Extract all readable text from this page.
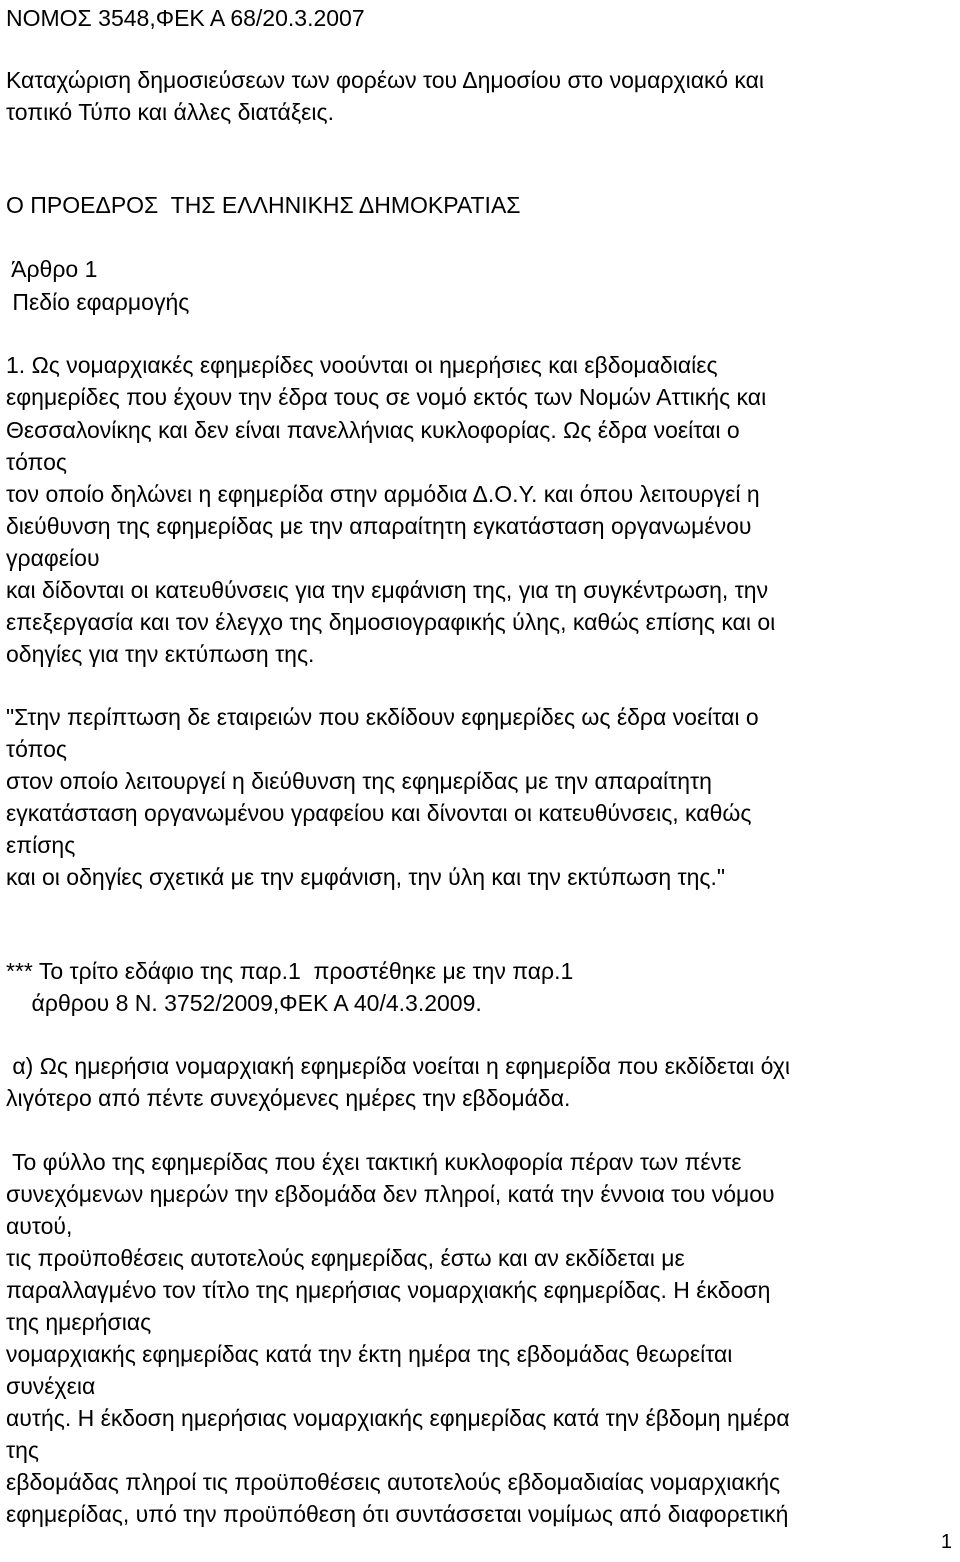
ΝΟΜΟΣ 3548,ΦΕΚ Α 68/20.3.2007

Καταχώριση δημοσιεύσεων των φορέων του Δημοσίου στο νομαρχιακό και

τοπικό Τύπο και άλλες διατάξεις.

Ο ΠΡΟΕΔΡΟΣ  ΤΗΣ ΕΛΛΗΝΙΚΗΣ ΔΗΜΟΚΡΑΤΙΑΣ

Άρθρο 1

Πεδίο εφαρμογής

1. Ως νομαρχιακές εφημερίδες νοούνται οι ημερήσιες και εβδομαδιαίες

εφημερίδες που έχουν την έδρα τους σε νομό εκτός των Νομών Αττικής και

Θεσσαλονίκης και δεν είναι πανελλήνιας κυκλοφορίας. Ως έδρα νοείται ο

τόπος

τον οποίο δηλώνει η εφημερίδα στην αρμόδια Δ.Ο.Υ. και όπου λειτουργεί η

διεύθυνση της εφημερίδας με την απαραίτητη εγκατάσταση οργανωμένου

γραφείου

και δίδονται οι κατευθύνσεις για την εμφάνιση της, για τη συγκέντρωση, την

επεξεργασία και τον έλεγχο της δημοσιογραφικής ύλης, καθώς επίσης και οι

οδηγίες για την εκτύπωση της.

"Στην περίπτωση δε εταιρειών που εκδίδουν εφημερίδες ως έδρα νοείται ο

τόπος

στον οποίο λειτουργεί η διεύθυνση της εφημερίδας με την απαραίτητη

εγκατάσταση οργανωμένου γραφείου και δίνονται οι κατευθύνσεις, καθώς

επίσης

και οι οδηγίες σχετικά με την εμφάνιση, την ύλη και την εκτύπωση της."

*** Το τρίτο εδάφιο της παρ.1  προστέθηκε με την παρ.1

άρθρου 8 Ν. 3752/2009,ΦΕΚ Α 40/4.3.2009.

α) Ως ημερήσια νομαρχιακή εφημερίδα νοείται η εφημερίδα που εκδίδεται όχι

λιγότερο από πέντε συνεχόμενες ημέρες την εβδομάδα.

Το φύλλο της εφημερίδας που έχει τακτική κυκλοφορία πέραν των πέντε

συνεχόμενων ημερών την εβδομάδα δεν πληροί, κατά την έννοια του νόμου

αυτού,

τις προϋποθέσεις αυτοτελούς εφημερίδας, έστω και αν εκδίδεται με

παραλλαγμένο τον τίτλο της ημερήσιας νομαρχιακής εφημερίδας. Η έκδοση

της ημερήσιας

νομαρχιακής εφημερίδας κατά την έκτη ημέρα της εβδομάδας θεωρείται

συνέχεια

αυτής. Η έκδοση ημερήσιας νομαρχιακής εφημερίδας κατά την έβδομη ημέρα

της

εβδομάδας πληροί τις προϋποθέσεις αυτοτελούς εβδομαδιαίας νομαρχιακής

εφημερίδας, υπό την προϋπόθεση ότι συντάσσεται νομίμως από διαφορετική

1
